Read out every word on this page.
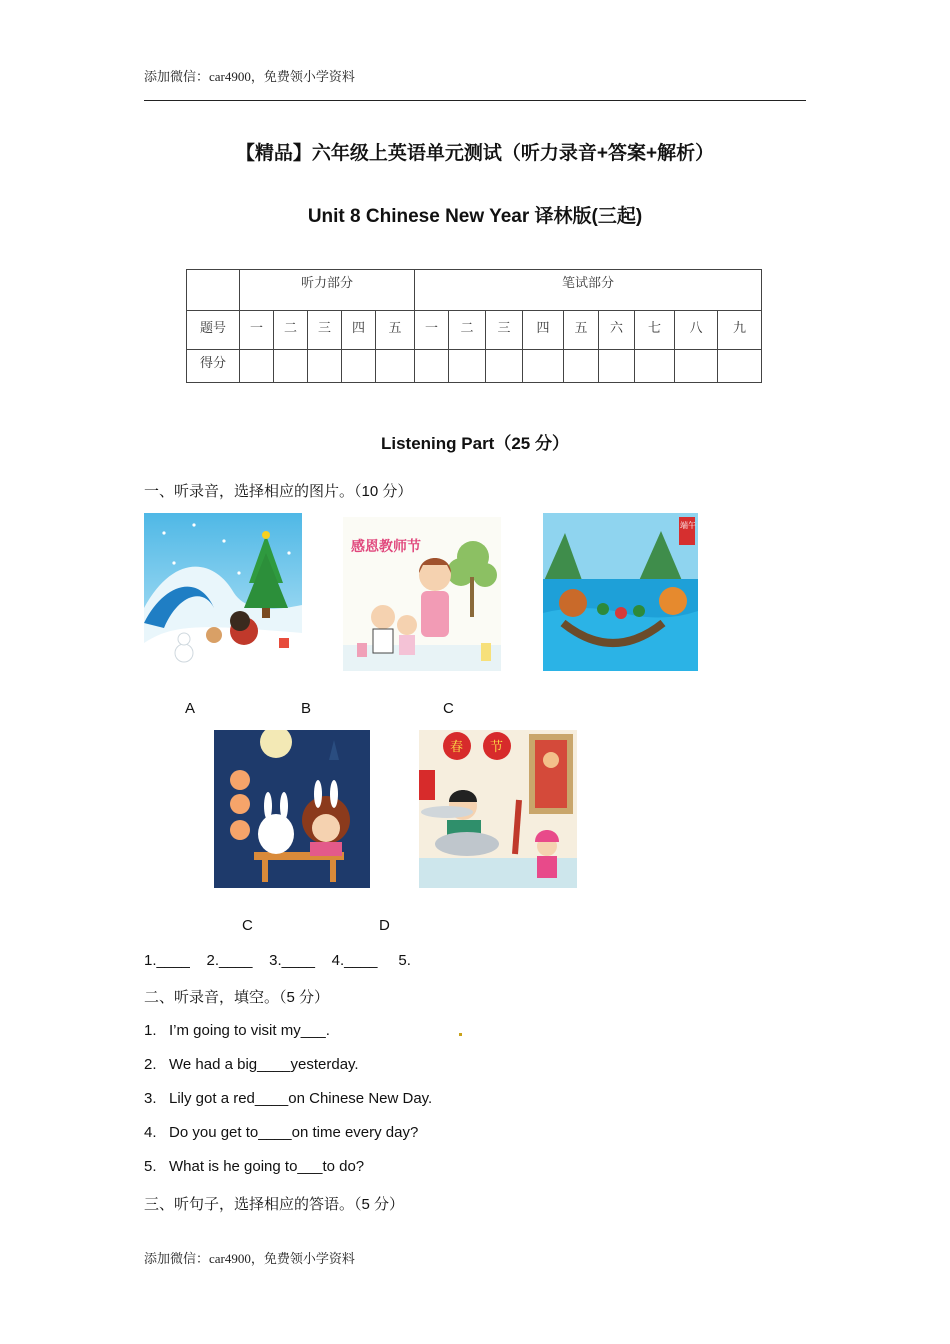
添加微信：car4900，免费领小学资料
【精品】六年级上英语单元测试（听力录音+答案+解析）
Unit 8 Chinese New Year 译林版(三起)
	听力部分					笔试部分								
题号	一	二	三	四	五	一	二	三	四	五	六	七	八	九
得分														
Listening Part（25 分）
一、听录音，选择相应的图片。（10 分）
感恩教师节
端午
A	B	C
春 节
C	D
1.____    2.____    3.____    4.____     5.
二、听录音，填空。（5 分）
1.   I’m going to visit my___.
2.   We had a big____yesterday.
3.   Lily got a red____on Chinese New Day.
4.   Do you get to____on time every day?
5.   What is he going to___to do?
三、听句子，选择相应的答语。（5 分）
添加微信：car4900，免费领小学资料
